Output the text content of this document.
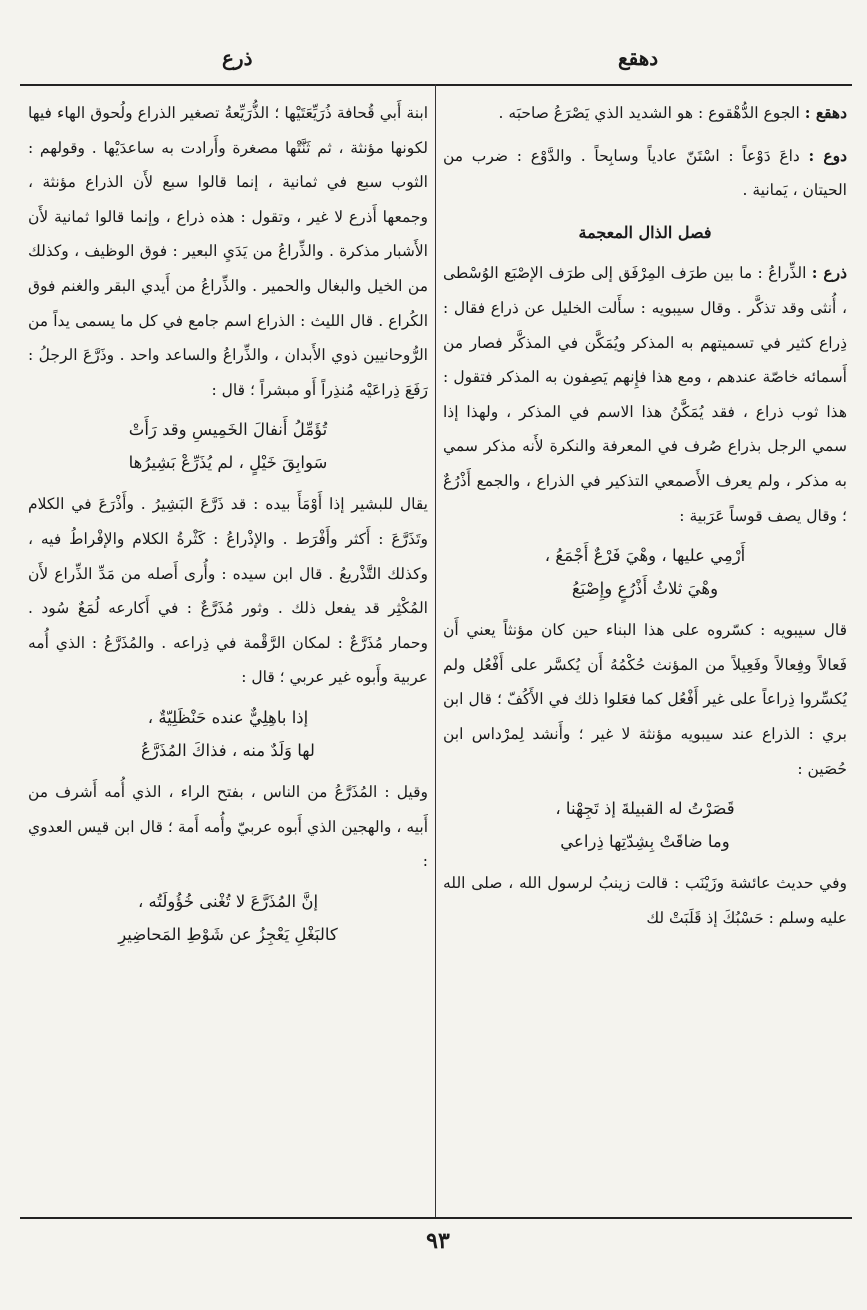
ذرع	دهقع

دهقع : الجوع الدُّهْقوع : هو الشديد الذي يَصْرَعُ صاحبَه .

دوع : داعَ دَوْعاً : اسْتَنّ عادياً وسابِحاً . والدَّوْع : ضرب من الحيتان ، يَمانية .

فصل الذال المعجمة

ذرع : الذِّراعُ : ما بين طرَف المِرْفَق إلى طرَف الإصْبَع الوُسْطى ، أُنثى وقد تذكَّر . وقال سيبويه : سأَلت الخليل عن ذراع فقال : ذِراع كثير في تسميتهم به المذكر ويُمَكَّن في المذكَّر فصار من أَسمائه خاصّة عندهم ، ومع هذا فإِنهم يَصِفون به المذكر فتقول : هذا ثوب ذراع ، فقد يُمَكَّنُ هذا الاسم في المذكر ، ولهذا إذا سمي الرجل بذراع صُرف في المعرفة والنكرة لأَنه مذكر سمي به مذكر ، ولم يعرف الأَصمعي التذكير في الذراع ، والجمع أَذْرُعٌ ؛ وقال يصف قوساً عَرَبية :

أَرْمِي عليها ، وهْيَ فَرْعٌ أَجْمَعُ ،
وهْيَ ثلاثُ أَذْرُعٍ وإِصْبَعُ

قال سيبويه : كسّروه على هذا البناء حين كان مؤنثاً يعني أَن فَعالاً وفِعالاً وفَعِيلاً من المؤنث حُكْمُهُ أَن يُكسَّر على أَفْعُل ولم يُكسِّروا ذِراعاً على غير أَفْعُل كما فعَلوا ذلك في الأَكُفّ ؛ قال ابن بري : الذراع عند سيبويه مؤنثة لا غير ؛ وأَنشد لِمرْداس ابن حُصَين :

قَصَرْتُ له القبيلةَ إذ تَجِهْنا ،
وما ضاقَتْ بِشِدّتِها ذِراعي

وفي حديث عائشة وزَيْنَب : قالت زينبُ لرسول الله ، صلى الله عليه وسلم : حَسْبُكَ إذ قَلَبَتْ لك

ابنة أَبي قُحافة ذُرَيِّعَتَيْها ؛ الذُّرَيِّعةُ تصغير الذراع ولُحوق الهاء فيها لكونها مؤنثة ، ثم ثَنَّتْها مصغرة وأَرادت به ساعدَيْها . وقولهم : الثوب سبع في ثمانية ، إنما قالوا سبع لأَن الذراع مؤنثة ، وجمعها أَذرع لا غير ، وتقول : هذه ذراع ، وإنما قالوا ثمانية لأَن الأَشبار مذكرة . والذِّراعُ من يَدَيِ البعير : فوق الوظيف ، وكذلك من الخيل والبغال والحمير . والذِّراعُ من أَيدي البقر والغنم فوق الكُراع . قال الليث : الذراع اسم جامع في كل ما يسمى يداً من الرُّوحانيين ذوي الأَبدان ، والذِّراعُ والساعد واحد . وذَرَّعَ الرجلُ : رَفَعَ ذِراعَيْه مُنذِراً أَو مبشراً ؛ قال :

تُؤَمِّلُ أَنفالَ الخَمِيسِ وقد رَأَتْ
سَوابِقَ خَيْلٍ ، لم يُذَرِّعْ بَشِيرُها

يقال للبشير إذا أَوْمَأَ بيده : قد ذَرَّعَ البَشِيرُ . وأَذْرَعَ في الكلام وتَذَرَّعَ : أَكثر وأَفْرَط . والإذْراعُ : كَثْرةُ الكلام والإفْراطُ فيه ، وكذلك التَّذْريعُ . قال ابن سيده : وأُرى أَصله من مَدِّ الذِّراع لأَن المُكْثِر قد يفعل ذلك . وثور مُذَرَّعٌ : في أَكارعه لُمَعٌ سُود . وحمار مُذَرَّعٌ : لمكان الرَّقْمة في ذِراعه . والمُذَرَّعُ : الذي أُمه عربية وأَبوه غير عربي ؛ قال :

إذا باهِلِيٌّ عنده حَنْظَلِيّةٌ ،
لها وَلَدٌ منه ، فذاكَ المُذَرَّعُ

وقيل : المُذَرَّعُ من الناس ، بفتح الراء ، الذي أُمه أَشرف من أَبيه ، والهجين الذي أَبوه عربيّ وأُمه أَمة ؛ قال ابن قيس العدوي :

إنَّ المُذَرَّعَ لا تُغْنى خُؤُولَتُه ،
كالبَغْلِ يَعْجِزُ عن شَوْطِ المَحاضِيرِ
٩٣
